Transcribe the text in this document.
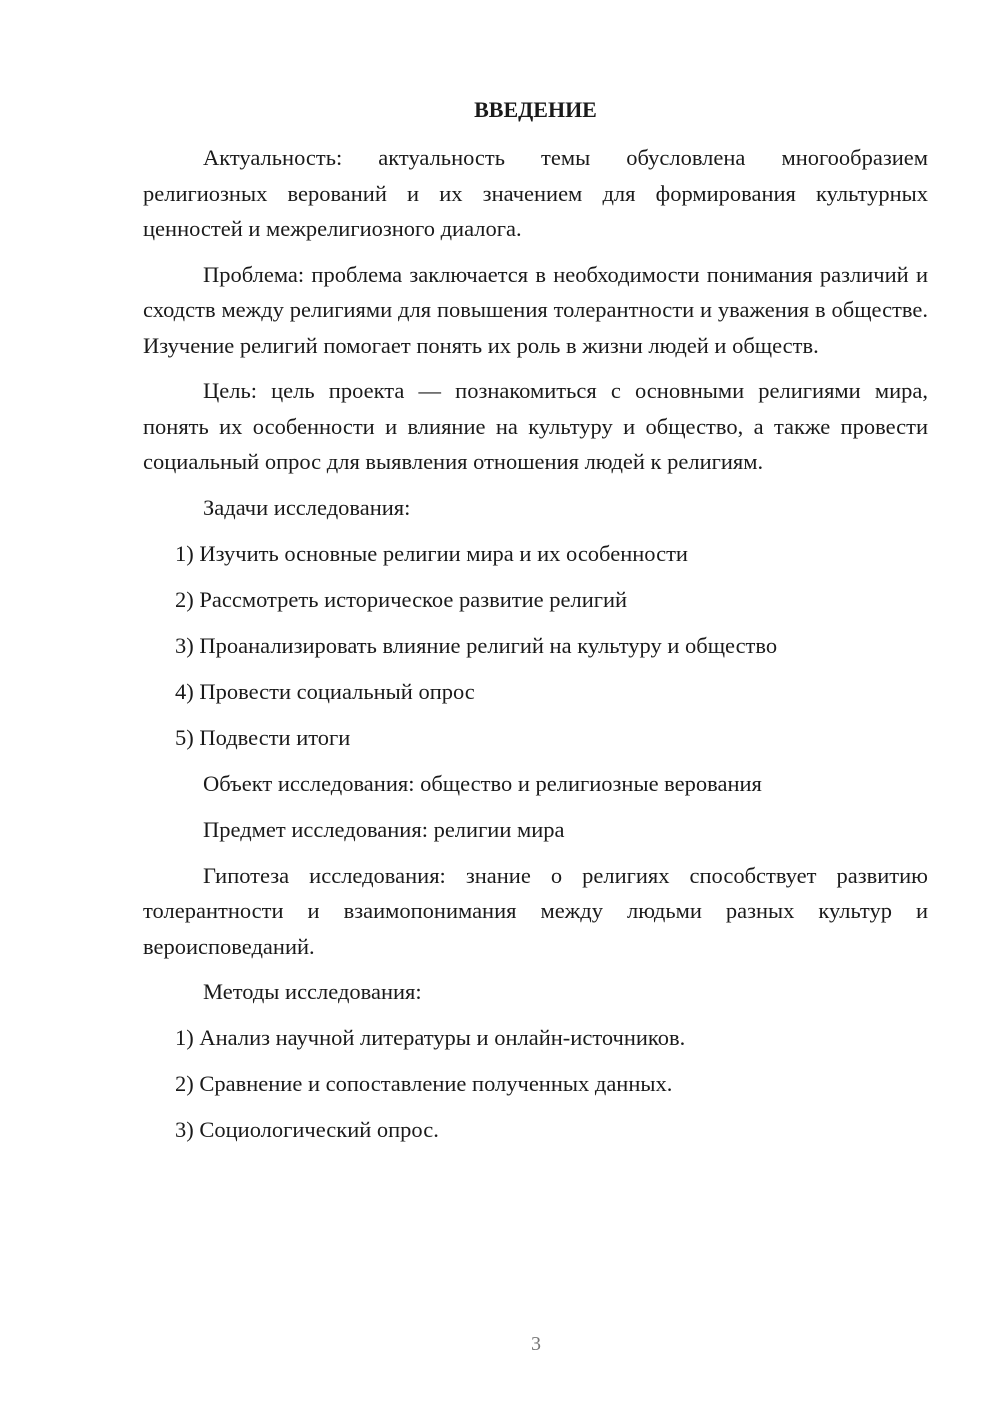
ВВЕДЕНИЕ

Актуальность: актуальность темы обусловлена многообразием религиозных верований и их значением для формирования культурных ценностей и межрелигиозного диалога.

Проблема: проблема заключается в необходимости понимания различий и сходств между религиями для повышения толерантности и уважения в обществе. Изучение религий помогает понять их роль в жизни людей и обществ.

Цель: цель проекта — познакомиться с основными религиями мира, понять их особенности и влияние на культуру и общество, а также провести социальный опрос для выявления отношения людей к религиям.

Задачи исследования:

1) Изучить основные религии мира и их особенности
2) Рассмотреть историческое развитие религий
3) Проанализировать влияние религий на культуру и общество
4) Провести социальный опрос
5) Подвести итоги

Объект исследования: общество и религиозные верования

Предмет исследования: религии мира

Гипотеза исследования: знание о религиях способствует развитию толерантности и взаимопонимания между людьми разных культур и вероисповеданий.

Методы исследования:

1) Анализ научной литературы и онлайн-источников.
2) Сравнение и сопоставление полученных данных.
3) Социологический опрос.
3
